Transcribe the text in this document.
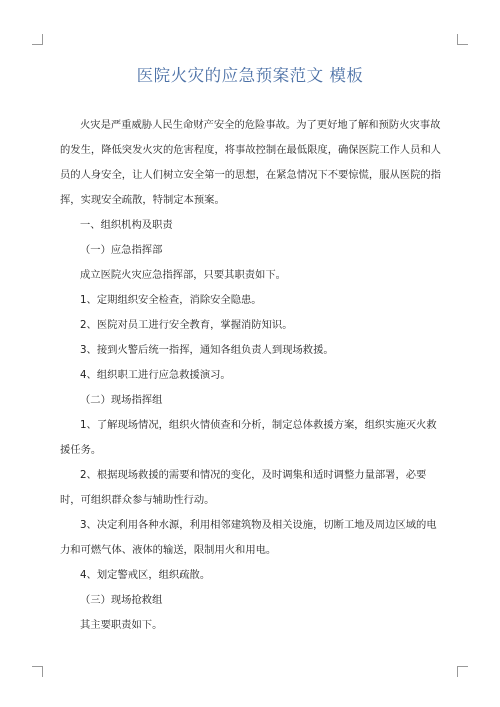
医院火灾的应急预案范文 模板

火灾是严重威胁人民生命财产安全的危险事故。为了更好地了解和预防火灾事故的发生，降低突发火灾的危害程度，将事故控制在最低限度，确保医院工作人员和人员的人身安全，让人们树立安全第一的思想，在紧急情况下不要惊慌，服从医院的指挥，实现安全疏散，特制定本预案。

一、组织机构及职责

（一）应急指挥部

成立医院火灾应急指挥部，只要其职责如下。

1、定期组织安全检查，消除安全隐患。

2、医院对员工进行安全教育，掌握消防知识。

3、接到火警后统一指挥，通知各组负责人到现场救援。

4、组织职工进行应急救援演习。

（二）现场指挥组

1、了解现场情况，组织火情侦查和分析，制定总体救援方案，组织实施灭火救援任务。

2、根据现场救援的需要和情况的变化，及时调集和适时调整力量部署，必要时，可组织群众参与辅助性行动。

3、决定利用各种水源，利用相邻建筑物及相关设施，切断工地及周边区域的电力和可燃气体、液体的输送，限制用火和用电。

4、划定警戒区，组织疏散。

（三）现场抢救组

其主要职责如下。
